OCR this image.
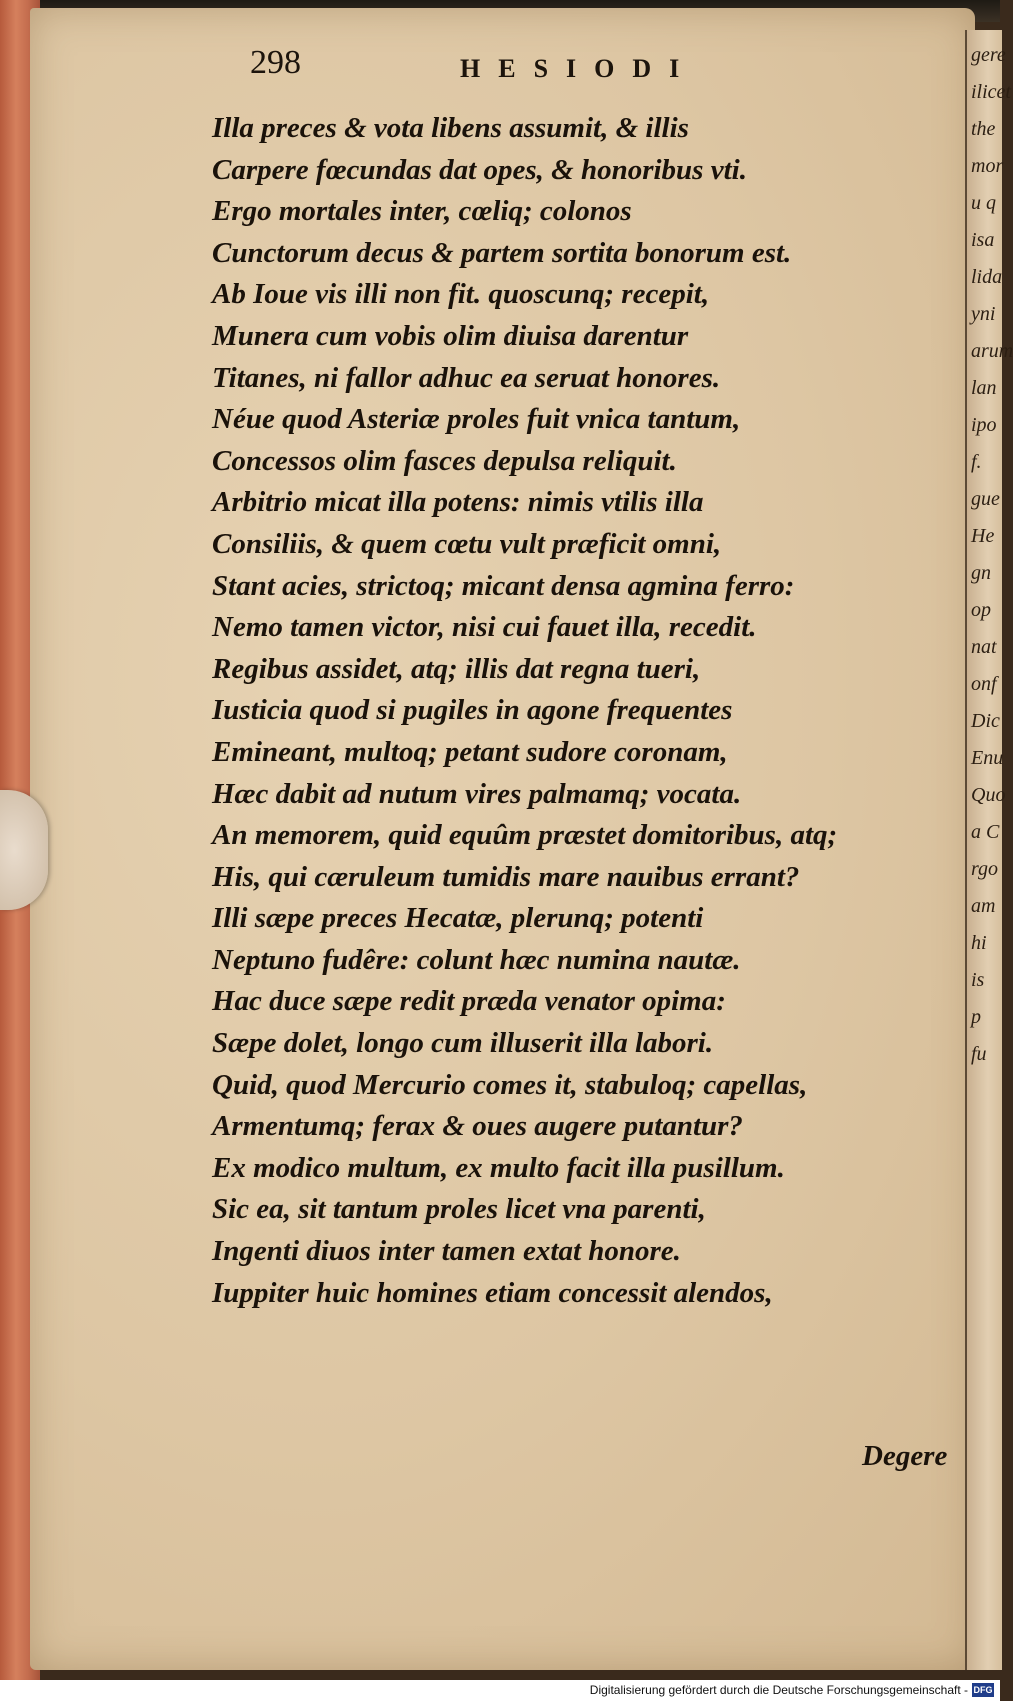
gere
ilicet
the
mor
u q
isa
lida
yni
arum
lan
ipo
f.
gue
He
gn
op
nat
onf
Dic
Enu
Quo
a C
rgo
am
hi
is
p
fu
298	HESIODI
Illa preces & vota libens assumit, & illis
Carpere fœcundas dat opes, & honoribus vti.
Ergo mortales inter, cœliq; colonos
Cunctorum decus & partem sortita bonorum est.
Ab Ioue vis illi non fit. quoscunq; recepit,
Munera cum vobis olim diuisa darentur
Titanes, ni fallor adhuc ea seruat honores.
Néue quod Asteriæ proles fuit vnica tantum,
Concessos olim fasces depulsa reliquit.
Arbitrio micat illa potens: nimis vtilis illa
Consiliis, & quem cœtu vult præficit omni,
Stant acies, strictoq; micant densa agmina ferro:
Nemo tamen victor, nisi cui fauet illa, recedit.
Regibus assidet, atq; illis dat regna tueri,
Iusticia quod si pugiles in agone frequentes
Emineant, multoq; petant sudore coronam,
Hæc dabit ad nutum vires palmamq; vocata.
An memorem, quid equûm præstet domitoribus, atq;
His, qui cæruleum tumidis mare nauibus errant?
Illi sæpe preces Hecatæ, plerunq; potenti
Neptuno fudêre: colunt hæc numina nautæ.
Hac duce sæpe redit præda venator opima:
Sæpe dolet, longo cum illuserit illa labori.
Quid, quod Mercurio comes it, stabuloq; capellas,
Armentumq; ferax & oues augere putantur?
Ex modico multum, ex multo facit illa pusillum.
Sic ea, sit tantum proles licet vna parenti,
Ingenti diuos inter tamen extat honore.
Iuppiter huic homines etiam concessit alendos,
Degere
Digitalisierung gefördert durch die Deutsche Forschungsgemeinschaft - DFG
